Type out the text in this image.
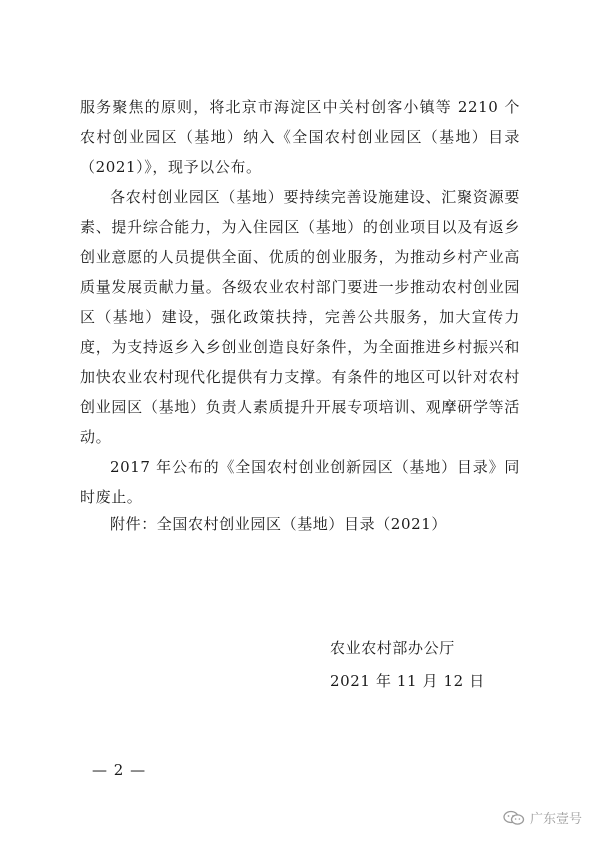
服务聚焦的原则，将北京市海淀区中关村创客小镇等 2210 个农村创业园区（基地）纳入《全国农村创业园区（基地）目录（2021）》，现予以公布。

各农村创业园区（基地）要持续完善设施建设、汇聚资源要素、提升综合能力，为入住园区（基地）的创业项目以及有返乡创业意愿的人员提供全面、优质的创业服务，为推动乡村产业高质量发展贡献力量。各级农业农村部门要进一步推动农村创业园区（基地）建设，强化政策扶持，完善公共服务，加大宣传力度，为支持返乡入乡创业创造良好条件，为全面推进乡村振兴和加快农业农村现代化提供有力支撑。有条件的地区可以针对农村创业园区（基地）负责人素质提升开展专项培训、观摩研学等活动。

2017 年公布的《全国农村创业创新园区（基地）目录》同时废止。

附件：全国农村创业园区（基地）目录（2021）
农业农村部办公厅
2021 年 11 月 12 日
— 2 —
广东壹号
